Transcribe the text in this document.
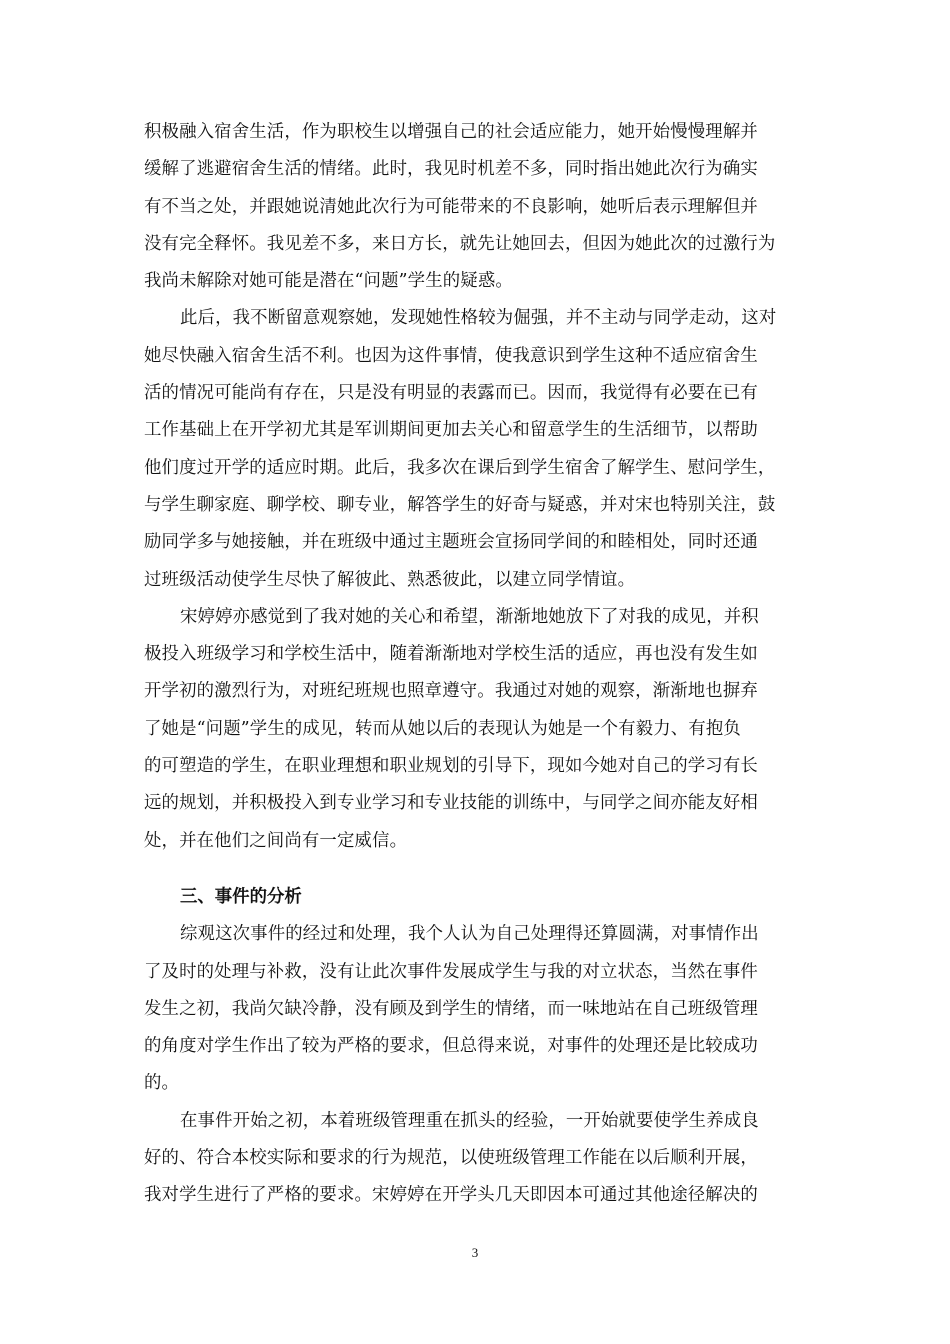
积极融入宿舍生活，作为职校生以增强自己的社会适应能力，她开始慢慢理解并
缓解了逃避宿舍生活的情绪。此时，我见时机差不多，同时指出她此次行为确实
有不当之处，并跟她说清她此次行为可能带来的不良影响，她听后表示理解但并
没有完全释怀。我见差不多，来日方长，就先让她回去，但因为她此次的过激行为
我尚未解除对她可能是潜在“问题”学生的疑惑。

此后，我不断留意观察她，发现她性格较为倔强，并不主动与同学走动，这对
她尽快融入宿舍生活不利。也因为这件事情，使我意识到学生这种不适应宿舍生
活的情况可能尚有存在，只是没有明显的表露而已。因而，我觉得有必要在已有
工作基础上在开学初尤其是军训期间更加去关心和留意学生的生活细节，以帮助
他们度过开学的适应时期。此后，我多次在课后到学生宿舍了解学生、慰问学生，
与学生聊家庭、聊学校、聊专业，解答学生的好奇与疑惑，并对宋也特别关注，鼓
励同学多与她接触，并在班级中通过主题班会宣扬同学间的和睦相处，同时还通
过班级活动使学生尽快了解彼此、熟悉彼此，以建立同学情谊。

宋婷婷亦感觉到了我对她的关心和希望，渐渐地她放下了对我的成见，并积
极投入班级学习和学校生活中，随着渐渐地对学校生活的适应，再也没有发生如
开学初的激烈行为，对班纪班规也照章遵守。我通过对她的观察，渐渐地也摒弃
了她是“问题”学生的成见，转而从她以后的表现认为她是一个有毅力、有抱负
的可塑造的学生，在职业理想和职业规划的引导下，现如今她对自己的学习有长
远的规划，并积极投入到专业学习和专业技能的训练中，与同学之间亦能友好相
处，并在他们之间尚有一定威信。

三、事件的分析

综观这次事件的经过和处理，我个人认为自己处理得还算圆满，对事情作出
了及时的处理与补救，没有让此次事件发展成学生与我的对立状态，当然在事件
发生之初，我尚欠缺冷静，没有顾及到学生的情绪，而一味地站在自己班级管理
的角度对学生作出了较为严格的要求，但总得来说，对事件的处理还是比较成功
的。

在事件开始之初，本着班级管理重在抓头的经验，一开始就要使学生养成良
好的、符合本校实际和要求的行为规范，以使班级管理工作能在以后顺利开展，
我对学生进行了严格的要求。宋婷婷在开学头几天即因本可通过其他途径解决的

3
